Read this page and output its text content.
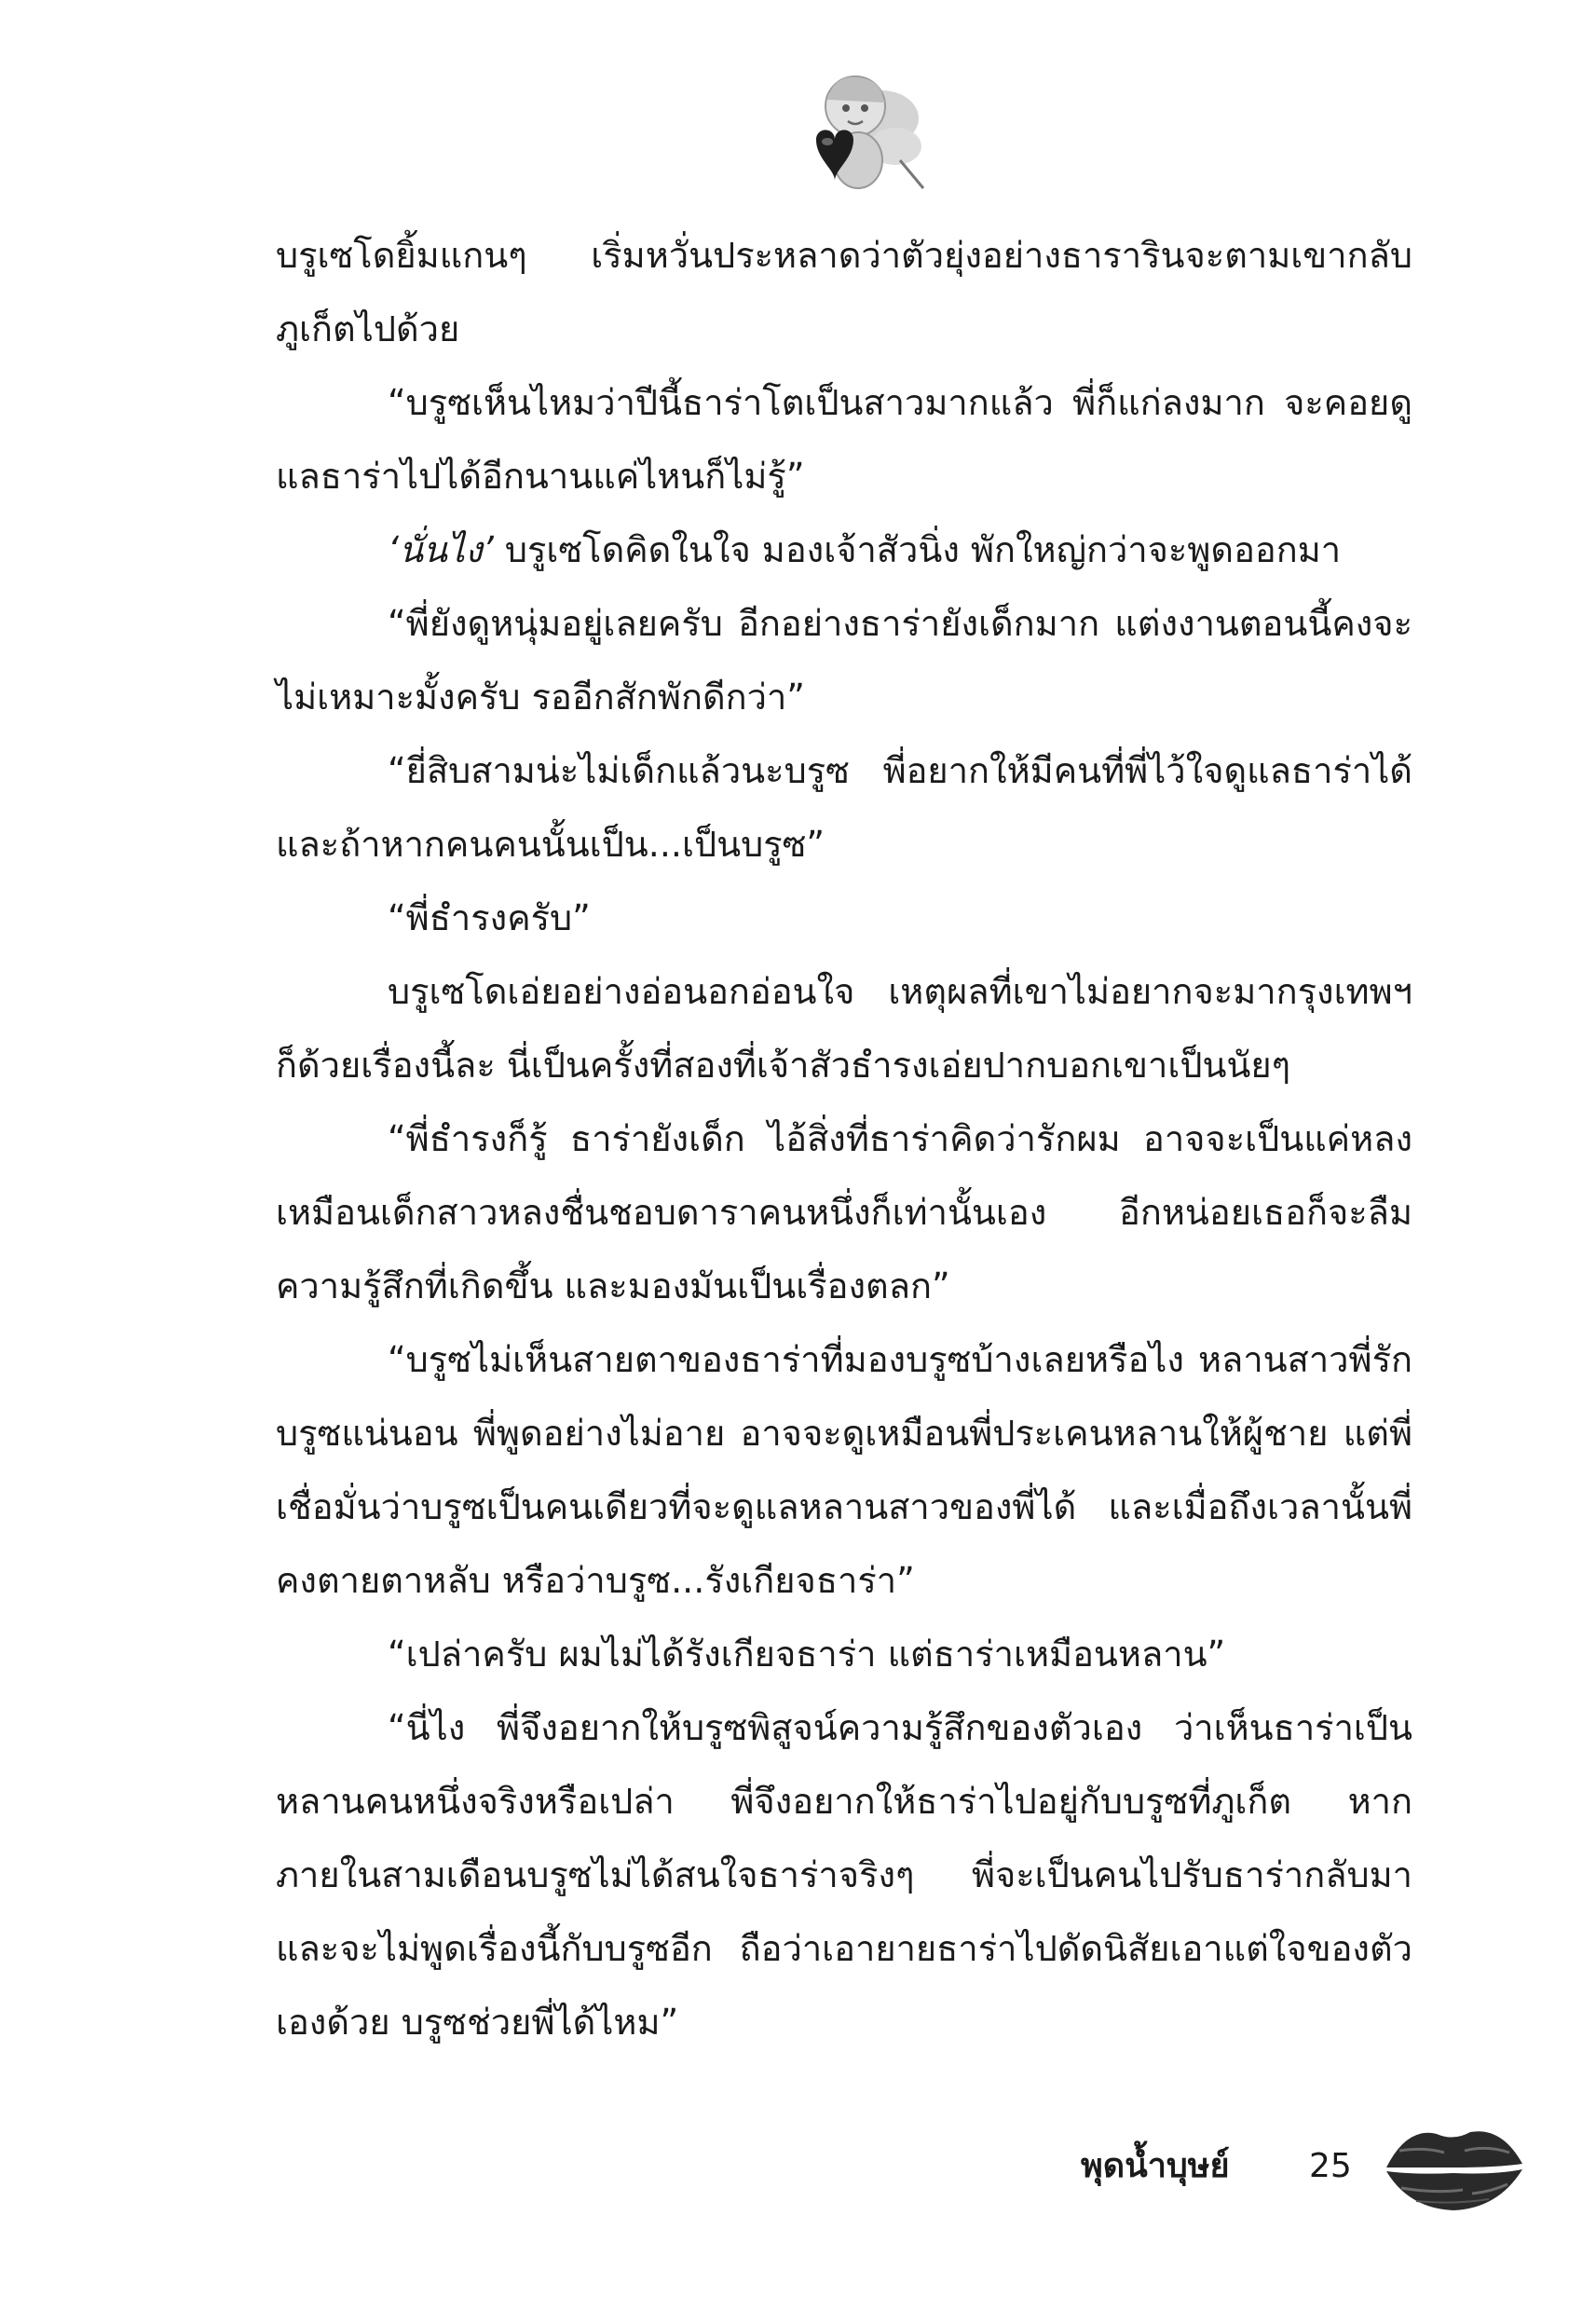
บรูเซโดยิ้มแกนๆ เริ่มหวั่นประหลาดว่าตัวยุ่งอย่างธารารินจะตามเขากลับภูเก็ตไปด้วย

“บรูซเห็นไหมว่าปีนี้ธาร่าโตเป็นสาวมากแล้ว พี่ก็แก่ลงมาก จะคอยดูแลธาร่าไปได้อีกนานแค่ไหนก็ไม่รู้”

‘นั่นไง’ บรูเซโดคิดในใจ มองเจ้าสัวนิ่ง พักใหญ่กว่าจะพูดออกมา

“พี่ยังดูหนุ่มอยู่เลยครับ อีกอย่างธาร่ายังเด็กมาก แต่งงานตอนนี้คงจะไม่เหมาะมั้งครับ รออีกสักพักดีกว่า”

“ยี่สิบสามน่ะไม่เด็กแล้วนะบรูซ พี่อยากให้มีคนที่พี่ไว้ใจดูแลธาร่าได้ และถ้าหากคนคนนั้นเป็น...เป็นบรูซ”

“พี่ธำรงครับ”

บรูเซโดเอ่ยอย่างอ่อนอกอ่อนใจ เหตุผลที่เขาไม่อยากจะมากรุงเทพฯ ก็ด้วยเรื่องนี้ละ นี่เป็นครั้งที่สองที่เจ้าสัวธำรงเอ่ยปากบอกเขาเป็นนัยๆ

“พี่ธำรงก็รู้ ธาร่ายังเด็ก ไอ้สิ่งที่ธาร่าคิดว่ารักผม อาจจะเป็นแค่หลงเหมือนเด็กสาวหลงชื่นชอบดาราคนหนึ่งก็เท่านั้นเอง อีกหน่อยเธอก็จะลืมความรู้สึกที่เกิดขึ้น และมองมันเป็นเรื่องตลก”

“บรูซไม่เห็นสายตาของธาร่าที่มองบรูซบ้างเลยหรือไง หลานสาวพี่รักบรูซแน่นอน พี่พูดอย่างไม่อาย อาจจะดูเหมือนพี่ประเคนหลานให้ผู้ชาย แต่พี่เชื่อมั่นว่าบรูซเป็นคนเดียวที่จะดูแลหลานสาวของพี่ได้ และเมื่อถึงเวลานั้นพี่คงตายตาหลับ หรือว่าบรูซ...รังเกียจธาร่า”

“เปล่าครับ ผมไม่ได้รังเกียจธาร่า แต่ธาร่าเหมือนหลาน”

“นี่ไง พี่จึงอยากให้บรูซพิสูจน์ความรู้สึกของตัวเอง ว่าเห็นธาร่าเป็นหลานคนหนึ่งจริงหรือเปล่า พี่จึงอยากให้ธาร่าไปอยู่กับบรูซที่ภูเก็ต หากภายในสามเดือนบรูซไม่ได้สนใจธาร่าจริงๆ พี่จะเป็นคนไปรับธาร่ากลับมา และจะไม่พูดเรื่องนี้กับบรูซอีก ถือว่าเอายายธาร่าไปดัดนิสัยเอาแต่ใจของตัวเองด้วย บรูซช่วยพี่ได้ไหม”

พุดน้ำบุษย์ 25
